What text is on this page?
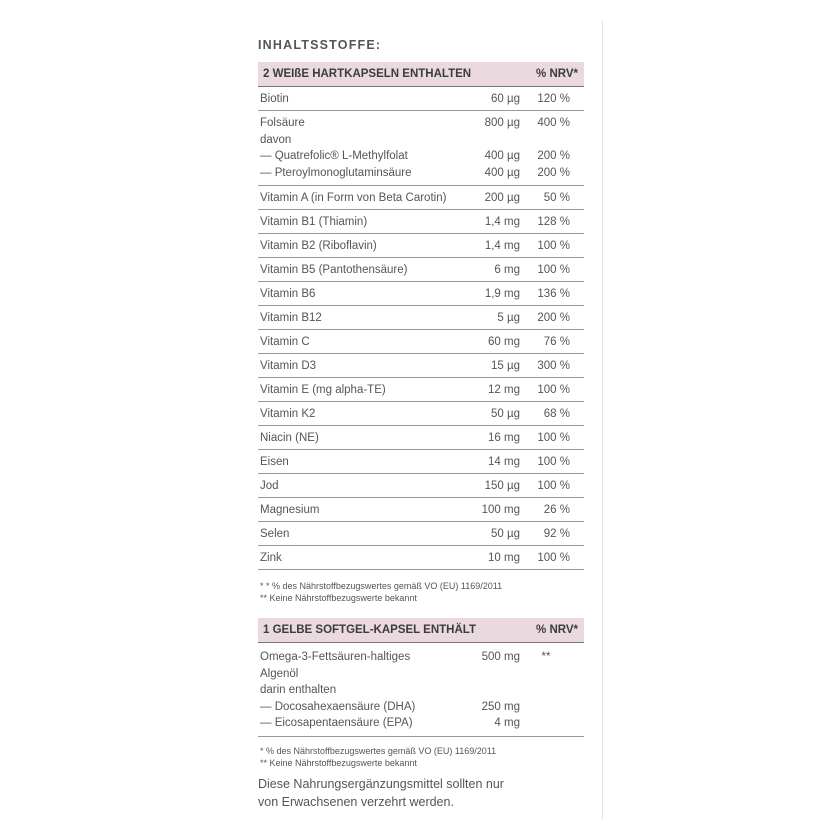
INHALTSSTOFFE:
2 WEIßE HARTKAPSELN ENTHALTEN	% NRV*
Biotin	60 µg	120 %
Folsäure	800 µg	400 %
davon
— Quatrefolic® L-Methylfolat	400 µg	200 %
— Pteroylmonoglutaminsäure	400 µg	200 %
Vitamin A (in Form von Beta Carotin)	200 µg	50 %
Vitamin B1 (Thiamin)	1,4 mg	128 %
Vitamin B2 (Riboflavin)	1,4 mg	100 %
Vitamin B5 (Pantothensäure)	6 mg	100 %
Vitamin B6	1,9 mg	136 %
Vitamin B12	5 µg	200 %
Vitamin C	60 mg	76 %
Vitamin D3	15 µg	300 %
Vitamin E (mg alpha-TE)	12 mg	100 %
Vitamin K2	50 µg	68 %
Niacin (NE)	16 mg	100 %
Eisen	14 mg	100 %
Jod	150 µg	100 %
Magnesium	100 mg	26 %
Selen	50 µg	92 %
Zink	10 mg	100 %
* * % des Nährstoffbezugswertes gemäß VO (EU) 1169/2011
** Keine Nährstoffbezugswerte bekannt
1 GELBE SOFTGEL-KAPSEL ENTHÄLT	% NRV*
Omega-3-Fettsäuren-haltiges	500 mg	**
Algenöl
darin enthalten
— Docosahexaensäure (DHA)	250 mg
— Eicosapentaensäure (EPA)	4 mg
* % des Nährstoffbezugswertes gemäß VO (EU) 1169/2011
** Keine Nährstoffbezugswerte bekannt
Diese Nahrungsergänzungsmittel sollten nur
von Erwachsenen verzehrt werden.
